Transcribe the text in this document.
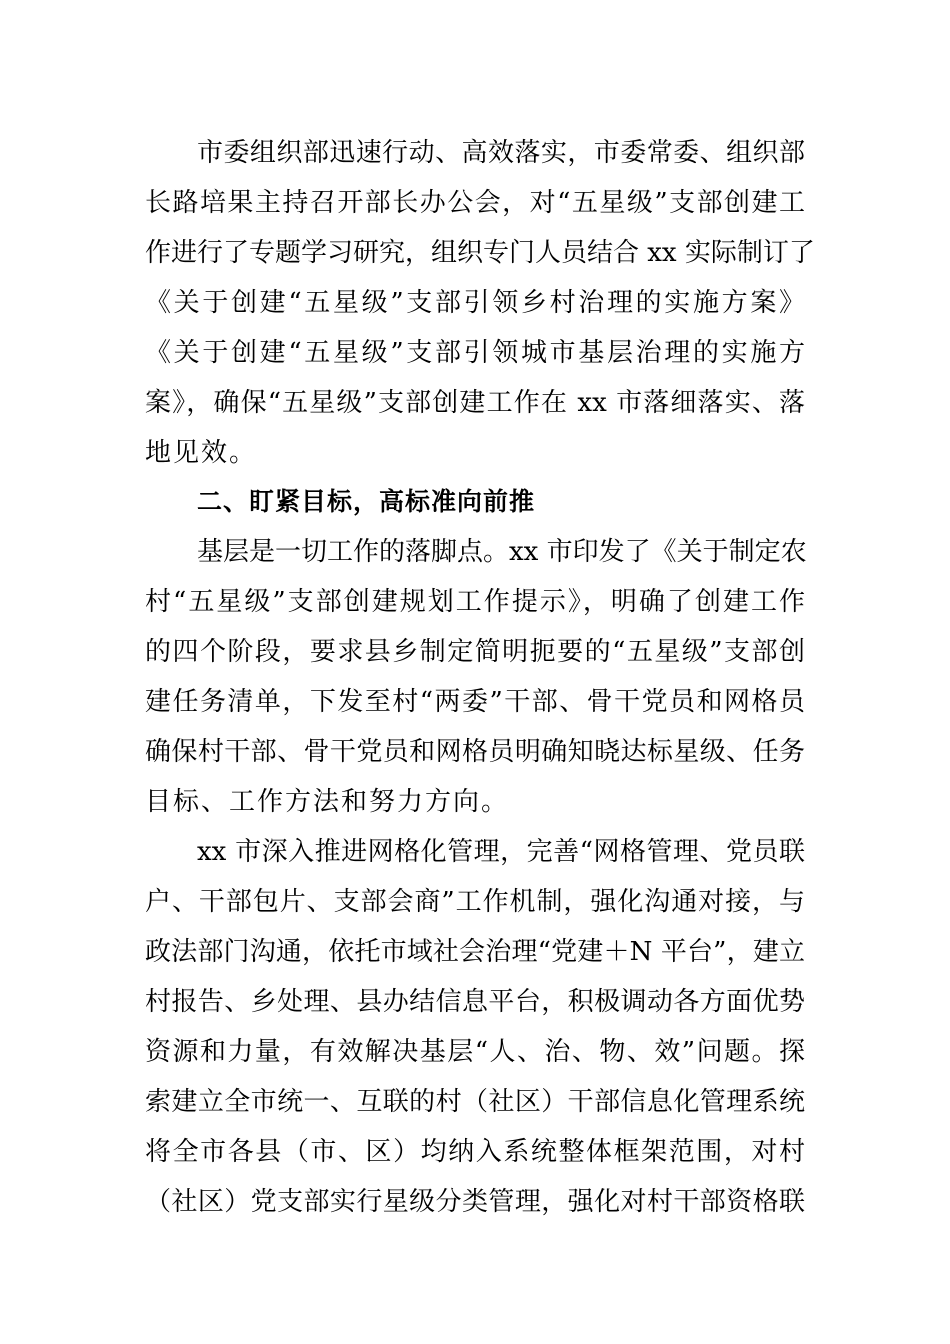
市委组织部迅速行动、高效落实，市委常委、组织部
长路培果主持召开部长办公会，对“五星级”支部创建工
作进行了专题学习研究，组织专门人员结合 xx 实际制订了
《关于创建“五星级”支部引领乡村治理的实施方案》
《关于创建“五星级”支部引领城市基层治理的实施方
案》，确保“五星级”支部创建工作在 xx 市落细落实、落
地见效。
二、盯紧目标，高标准向前推
基层是一切工作的落脚点。xx 市印发了《关于制定农
村“五星级”支部创建规划工作提示》，明确了创建工作
的四个阶段，要求县乡制定简明扼要的“五星级”支部创
建任务清单，下发至村“两委”干部、骨干党员和网格员
确保村干部、骨干党员和网格员明确知晓达标星级、任务
目标、工作方法和努力方向。
xx 市深入推进网格化管理，完善“网格管理、党员联
户、干部包片、支部会商”工作机制，强化沟通对接，与
政法部门沟通，依托市域社会治理“党建＋N 平台”，建立
村报告、乡处理、县办结信息平台，积极调动各方面优势
资源和力量，有效解决基层“人、治、物、效”问题。探
索建立全市统一、互联的村（社区）干部信息化管理系统
将全市各县（市、区）均纳入系统整体框架范围，对村
（社区）党支部实行星级分类管理，强化对村干部资格联
